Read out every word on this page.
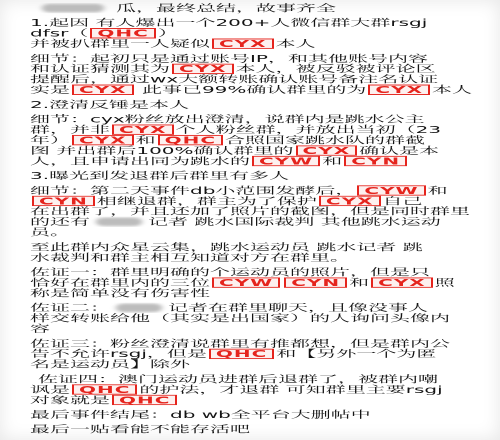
瓜，最终总结，故事齐全
1.起因 有人爆出一个200+人微信群大群rsgj
dfsr（ QHC ）
并被扒群里一人疑似 CYX 本人
细节：起初只是通过账号IP，和其他账号内容
和认证猜测其为 CYX 本人，被反驳被评论区
提醒后，通过wx大额转账确认账号备注名认证
实是 CYX 此事已99%确认群里的为 CYX 本人
2.澄清反锤是本人
细节：cyx粉丝放出澄清，说群内是跳水公主
群，并非 CYX 个人粉丝群，并放出当初（23
年） CYX 和 QHC 合照国家跳水队的群截
图 并出群后100%确认群里的 CYX 确认是本
人，且申请出同为跳水的 CYW 和 CYN
3.曝光到发退群后群里有多人
细节：第二天事件db小范围发酵后， CYW 和
CYN 相继退群，群主为了保护 CYX 自己
在出群了，并且还加了照片的截图，但是同时群里
的还有	记者 跳水国际裁判 其他跳水运动
员。
至此群内众星云集，跳水运动员 跳水记者 跳
水裁判和群主相互知道对方在群里。
佐证一：群里明确的个运动员的照片，但是只
恰好在群里内的三位 CYW CYN 和 CYX 照
称是简单没有伤害性
佐证二：	记者在群里聊天，且像没事人
样交转账给他（其实是出国家）的人询问头像内
容
佐证三：粉丝澄清说群里有推都想，但是群内公
告不允许rsgj，但是 QHC 和【另外一个为匿
名是运动员】除外
佐证四：澳门运动员进群后退群了，被群内嘲
讽是 QHC 的护法，才退群 可知群里主要rsgj
对象就是 QHC
最后事件结尾：db wb全平台大删帖中
最后一贴看能不能存活吧
